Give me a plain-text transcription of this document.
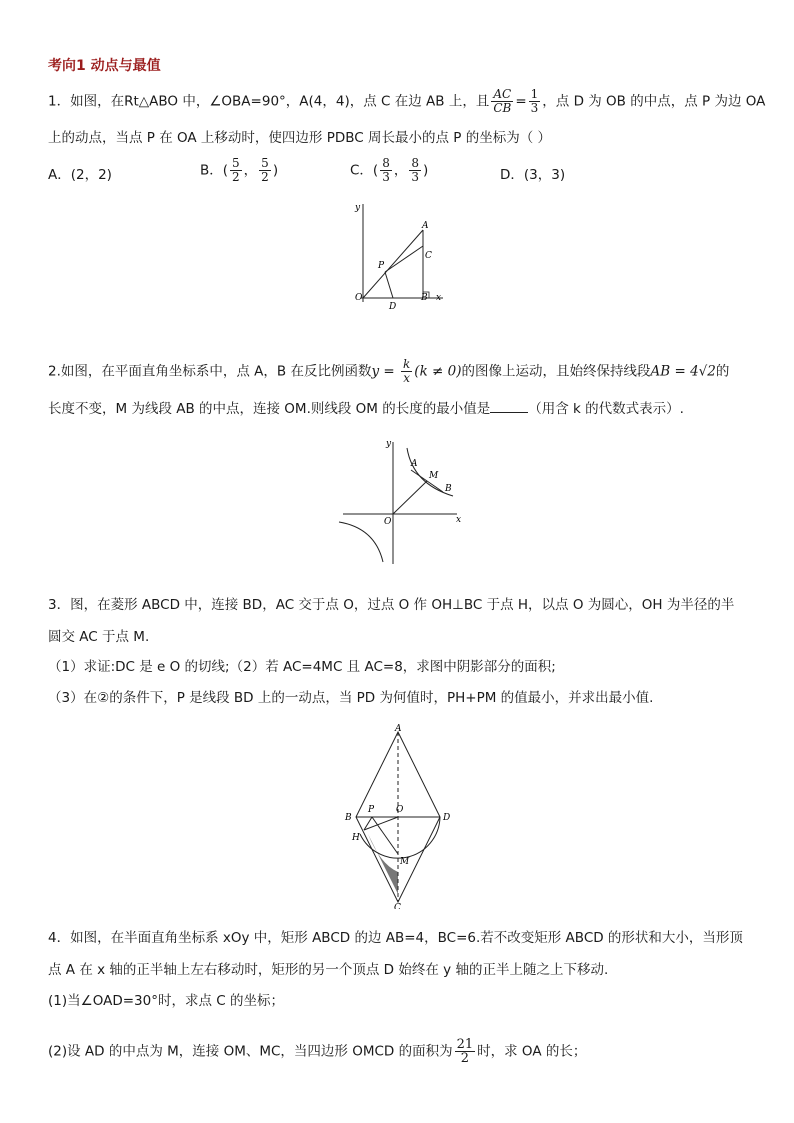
考向1 动点与最值
1．如图，在Rt△ABO 中，∠OBA=90°，A(4，4)，点 C 在边 AB 上，且 $\frac{AC}{CB} = \frac{1}{3}$ ，点 D 为 OB 的中点，点 P 为边 OA
上的动点，当点 P 在 OA 上移动时，使四边形 PDBC 周长最小的点 P 的坐标为（ ）
A．(2，2)	B．( $\frac{5}{2}$ ， $\frac{5}{2}$ )	C．( $\frac{8}{3}$ ， $\frac{8}{3}$ )	D．(3，3)
y
A
C
P
O
D
B x
2.如图，在平面直角坐标系中，点 A，B 在反比例函数$y = \frac{k}{x} (k \ne 0)$的图像上运动，且始终保持线段AB = 4√2的
长度不变，M 为线段 AB 的中点，连接 OM.则线段 OM 的长度的最小值是	（用含 k 的代数式表示）.
y
A
M
B
O	x
3．图，在菱形 ABCD 中，连接 BD，AC 交于点 O，过点 O 作 OH⊥BC 于点 H，以点 O 为圆心，OH 为半径的半
圆交 AC 于点 M.
（1）求证:DC 是 e O 的切线;（2）若 AC=4MC 且 AC=8，求图中阴影部分的面积;
（3）在②的条件下，P 是线段 BD 上的一动点，当 PD 为何值时，PH+PM 的值最小，并求出最小值.
A
B
P O
D
H
M
C
4．如图，在半面直角坐标系 xOy 中，矩形 ABCD 的边 AB=4，BC=6.若不改变矩形 ABCD 的形状和大小，当形顶
点 A 在 x 轴的正半轴上左右移动时，矩形的另一个顶点 D 始终在 y 轴的正半上随之上下移动.
(1)当∠OAD=30°时，求点 C 的坐标；
(2)设 AD 的中点为 M，连接 OM、MC，当四边形 OMCD 的面积为 $\frac{21}{2}$ 时，求 OA 的长；
